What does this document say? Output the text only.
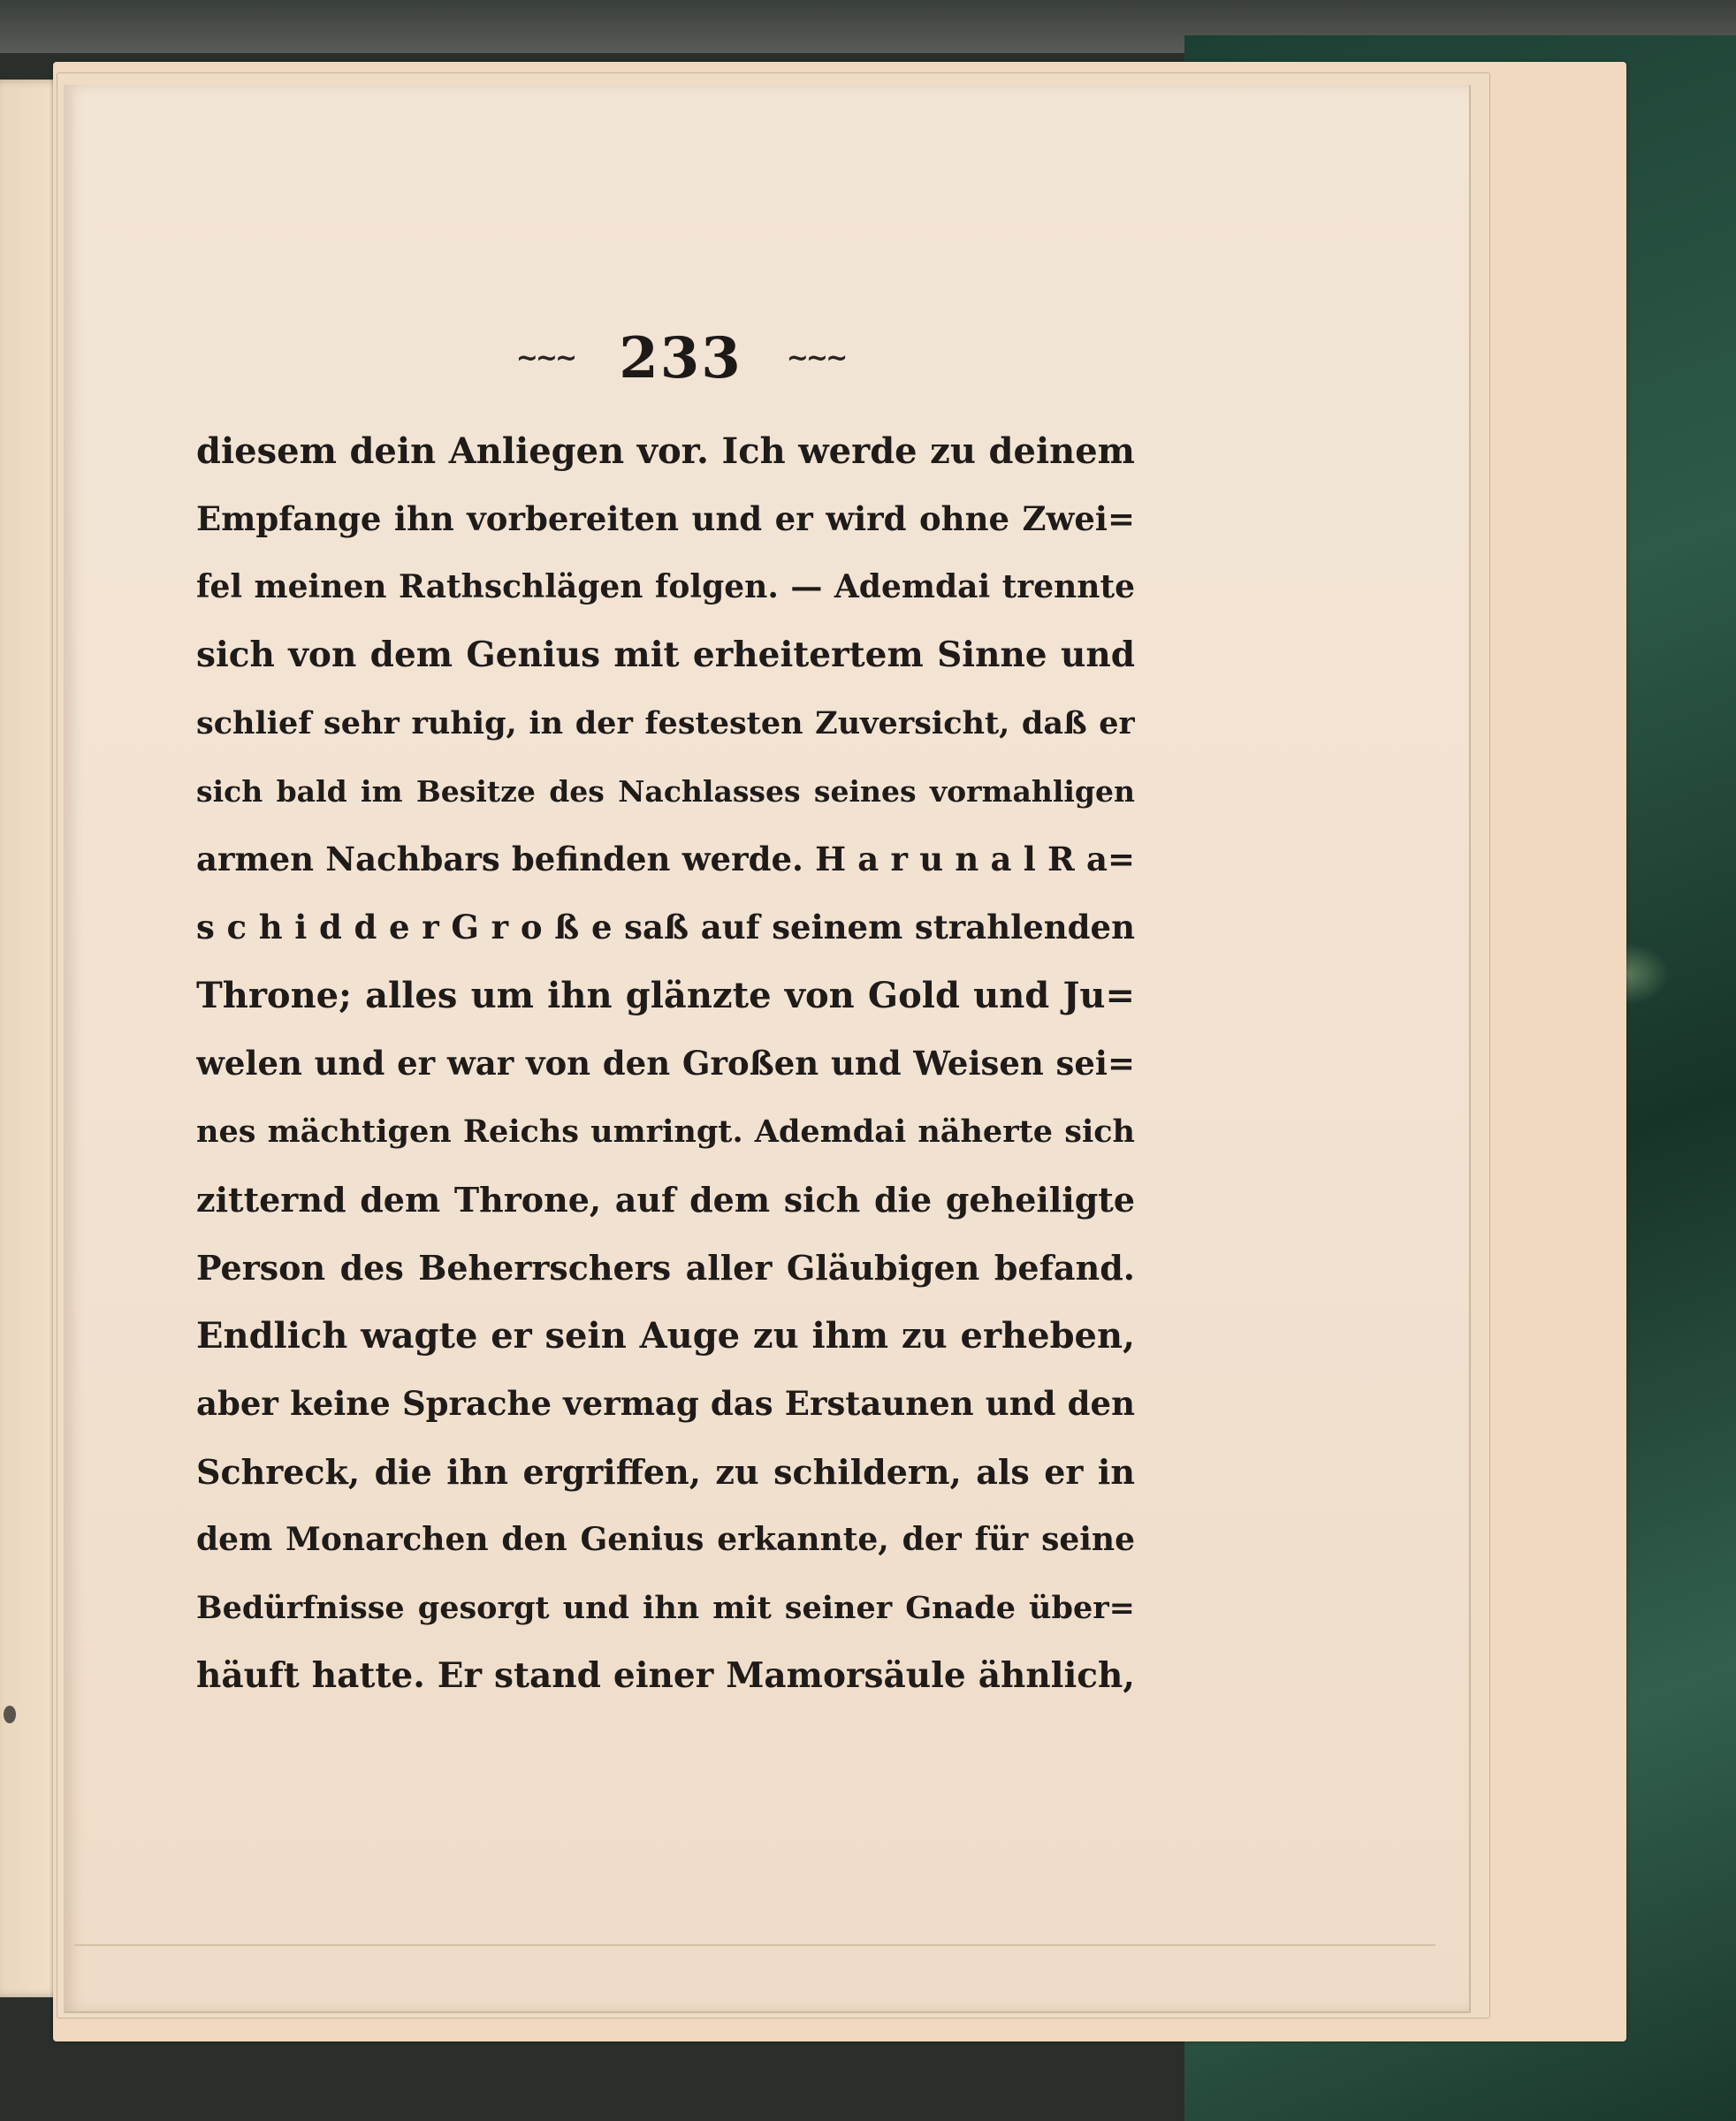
~~~ 233 ~~~
diesem dein Anliegen vor. Ich werde zu deinem
Empfange ihn vorbereiten und er wird ohne Zwei=
fel meinen Rathschlägen folgen. — Ademdai trennte
sich von dem Genius mit erheitertem Sinne und
schlief sehr ruhig, in der festesten Zuversicht, daß er
sich bald im Besitze des Nachlasses seines vormahligen
armen Nachbars befinden werde. H a r u n a l R a=
s c h i d d e r G r o ß e saß auf seinem strahlenden
Throne; alles um ihn glänzte von Gold und Ju=
welen und er war von den Großen und Weisen sei=
nes mächtigen Reichs umringt. Ademdai näherte sich
zitternd dem Throne, auf dem sich die geheiligte
Person des Beherrschers aller Gläubigen befand.
Endlich wagte er sein Auge zu ihm zu erheben,
aber keine Sprache vermag das Erstaunen und den
Schreck, die ihn ergriffen, zu schildern, als er in
dem Monarchen den Genius erkannte, der für seine
Bedürfnisse gesorgt und ihn mit seiner Gnade über=
häuft hatte. Er stand einer Mamorsäule ähnlich,
